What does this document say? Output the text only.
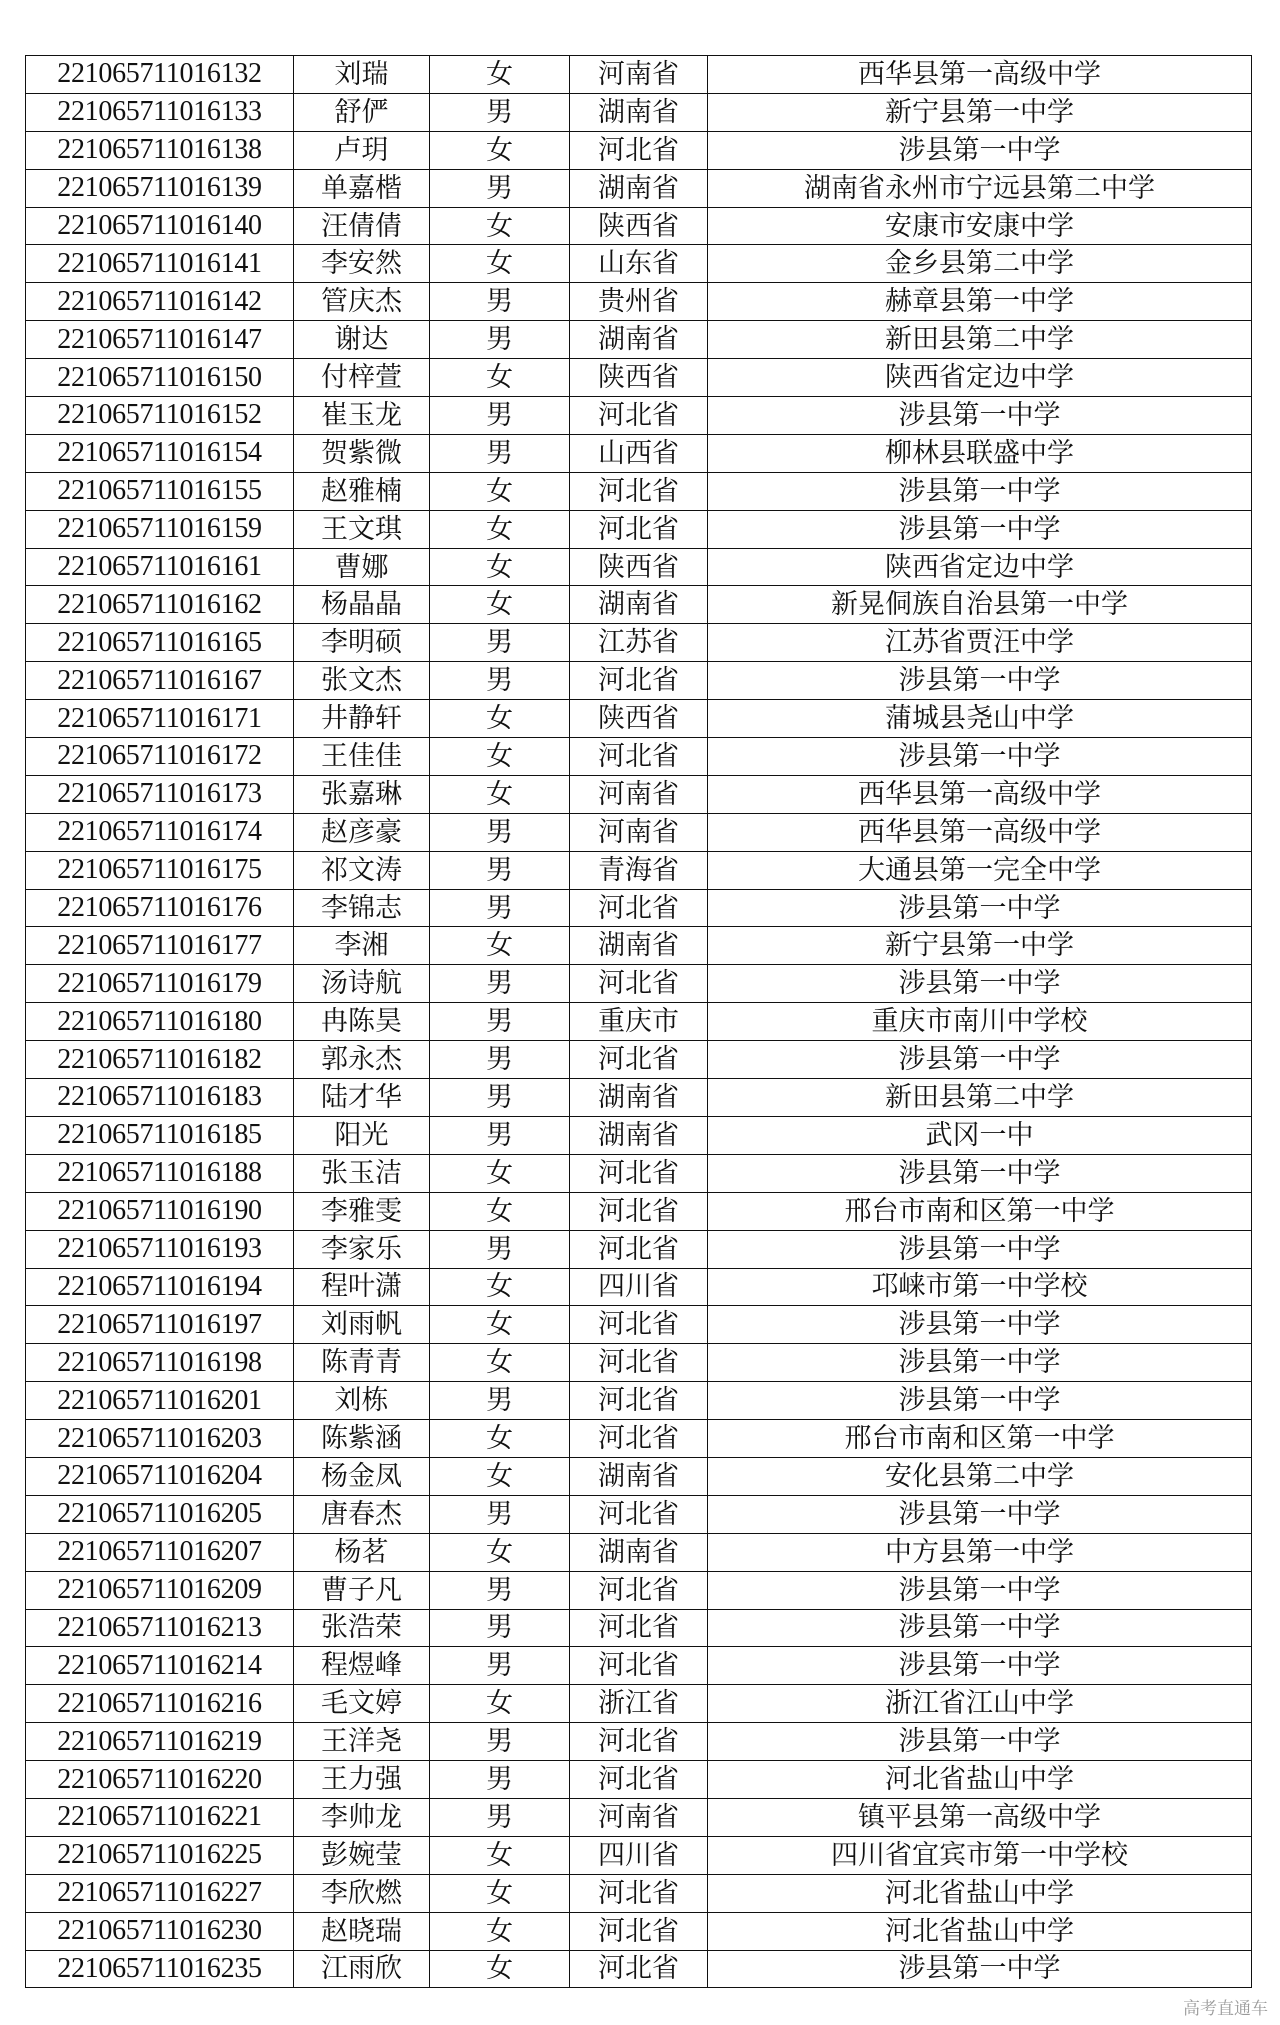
221065711016132	刘瑞	女	河南省	西华县第一高级中学
221065711016133	舒俨	男	湖南省	新宁县第一中学
221065711016138	卢玥	女	河北省	涉县第一中学
221065711016139	单嘉楷	男	湖南省	湖南省永州市宁远县第二中学
221065711016140	汪倩倩	女	陕西省	安康市安康中学
221065711016141	李安然	女	山东省	金乡县第二中学
221065711016142	管庆杰	男	贵州省	赫章县第一中学
221065711016147	谢达	男	湖南省	新田县第二中学
221065711016150	付梓萱	女	陕西省	陕西省定边中学
221065711016152	崔玉龙	男	河北省	涉县第一中学
221065711016154	贺紫微	男	山西省	柳林县联盛中学
221065711016155	赵雅楠	女	河北省	涉县第一中学
221065711016159	王文琪	女	河北省	涉县第一中学
221065711016161	曹娜	女	陕西省	陕西省定边中学
221065711016162	杨晶晶	女	湖南省	新晃侗族自治县第一中学
221065711016165	李明硕	男	江苏省	江苏省贾汪中学
221065711016167	张文杰	男	河北省	涉县第一中学
221065711016171	井静轩	女	陕西省	蒲城县尧山中学
221065711016172	王佳佳	女	河北省	涉县第一中学
221065711016173	张嘉琳	女	河南省	西华县第一高级中学
221065711016174	赵彦豪	男	河南省	西华县第一高级中学
221065711016175	祁文涛	男	青海省	大通县第一完全中学
221065711016176	李锦志	男	河北省	涉县第一中学
221065711016177	李湘	女	湖南省	新宁县第一中学
221065711016179	汤诗航	男	河北省	涉县第一中学
221065711016180	冉陈昊	男	重庆市	重庆市南川中学校
221065711016182	郭永杰	男	河北省	涉县第一中学
221065711016183	陆才华	男	湖南省	新田县第二中学
221065711016185	阳光	男	湖南省	武冈一中
221065711016188	张玉洁	女	河北省	涉县第一中学
221065711016190	李雅雯	女	河北省	邢台市南和区第一中学
221065711016193	李家乐	男	河北省	涉县第一中学
221065711016194	程叶潇	女	四川省	邛崃市第一中学校
221065711016197	刘雨帆	女	河北省	涉县第一中学
221065711016198	陈青青	女	河北省	涉县第一中学
221065711016201	刘栋	男	河北省	涉县第一中学
221065711016203	陈紫涵	女	河北省	邢台市南和区第一中学
221065711016204	杨金凤	女	湖南省	安化县第二中学
221065711016205	唐春杰	男	河北省	涉县第一中学
221065711016207	杨茗	女	湖南省	中方县第一中学
221065711016209	曹子凡	男	河北省	涉县第一中学
221065711016213	张浩荣	男	河北省	涉县第一中学
221065711016214	程煜峰	男	河北省	涉县第一中学
221065711016216	毛文婷	女	浙江省	浙江省江山中学
221065711016219	王洋尧	男	河北省	涉县第一中学
221065711016220	王力强	男	河北省	河北省盐山中学
221065711016221	李帅龙	男	河南省	镇平县第一高级中学
221065711016225	彭婉莹	女	四川省	四川省宜宾市第一中学校
221065711016227	李欣燃	女	河北省	河北省盐山中学
221065711016230	赵晓瑞	女	河北省	河北省盐山中学
221065711016235	江雨欣	女	河北省	涉县第一中学
高考直通车
